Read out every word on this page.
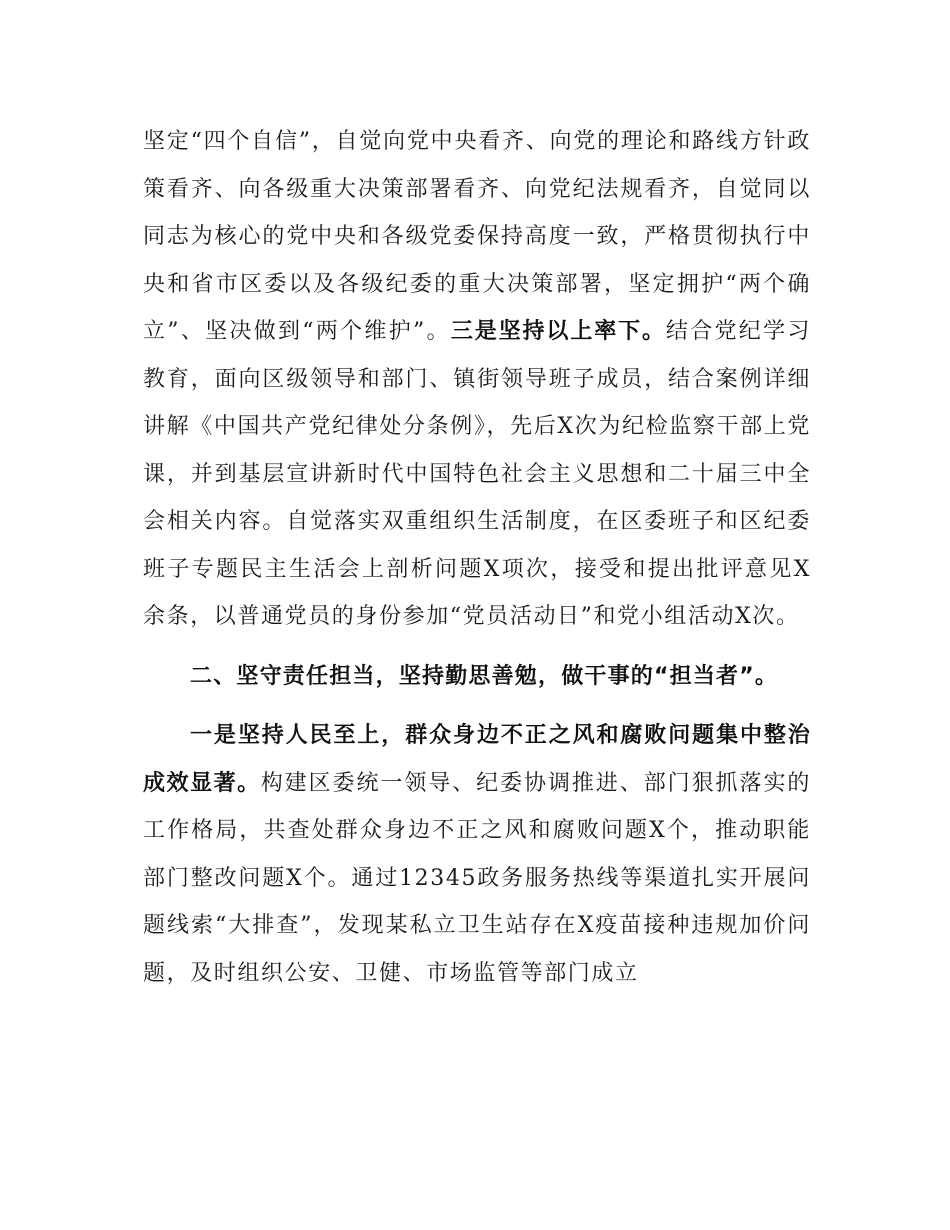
坚定“四个自信”，自觉向党中央看齐、向党的理论和路线方针政策看齐、向各级重大决策部署看齐、向党纪法规看齐，自觉同以同志为核心的党中央和各级党委保持高度一致，严格贯彻执行中央和省市区委以及各级纪委的重大决策部署，坚定拥护“两个确立”、坚决做到“两个维护”。三是坚持以上率下。结合党纪学习教育，面向区级领导和部门、镇街领导班子成员，结合案例详细讲解《中国共产党纪律处分条例》，先后X次为纪检监察干部上党课，并到基层宣讲新时代中国特色社会主义思想和二十届三中全会相关内容。自觉落实双重组织生活制度，在区委班子和区纪委班子专题民主生活会上剖析问题X项次，接受和提出批评意见X余条，以普通党员的身份参加“党员活动日”和党小组活动X次。

二、坚守责任担当，坚持勤思善勉，做干事的“担当者”。

一是坚持人民至上，群众身边不正之风和腐败问题集中整治成效显著。构建区委统一领导、纪委协调推进、部门狠抓落实的工作格局，共查处群众身边不正之风和腐败问题X个，推动职能部门整改问题X个。通过12345政务服务热线等渠道扎实开展问题线索“大排查”，发现某私立卫生站存在X疫苗接种违规加价问题，及时组织公安、卫健、市场监管等部门成立
